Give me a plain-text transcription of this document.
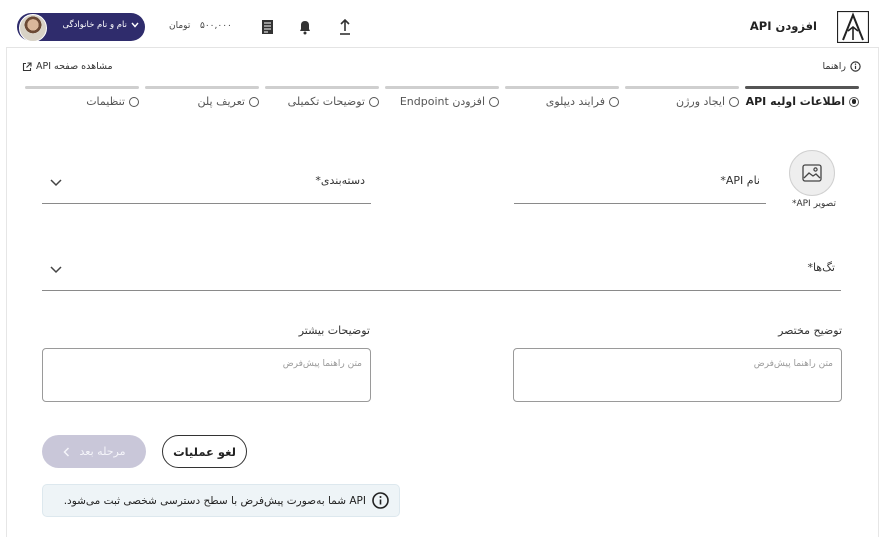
افزودن API
۵۰۰,۰۰۰
تومان
نام و نام خانوادگی
راهنما
مشاهده صفحه API
اطلاعات اولیه API
ایجاد ورژن
فرایند دیپلوی
افزودن Endpoint
توضیحات تکمیلی
تعریف پلن
تنظیمات
تصویر API*
نام API*
دسته‌بندی*
تگ‌ها*
توضیح مختصر
متن راهنما پیش‌فرض
توضیحات بیشتر
متن راهنما پیش‌فرض
لغو عملیات
مرحله بعد
API شما به‌صورت پیش‌فرض با سطح دسترسی شخصی ثبت می‌شود.
